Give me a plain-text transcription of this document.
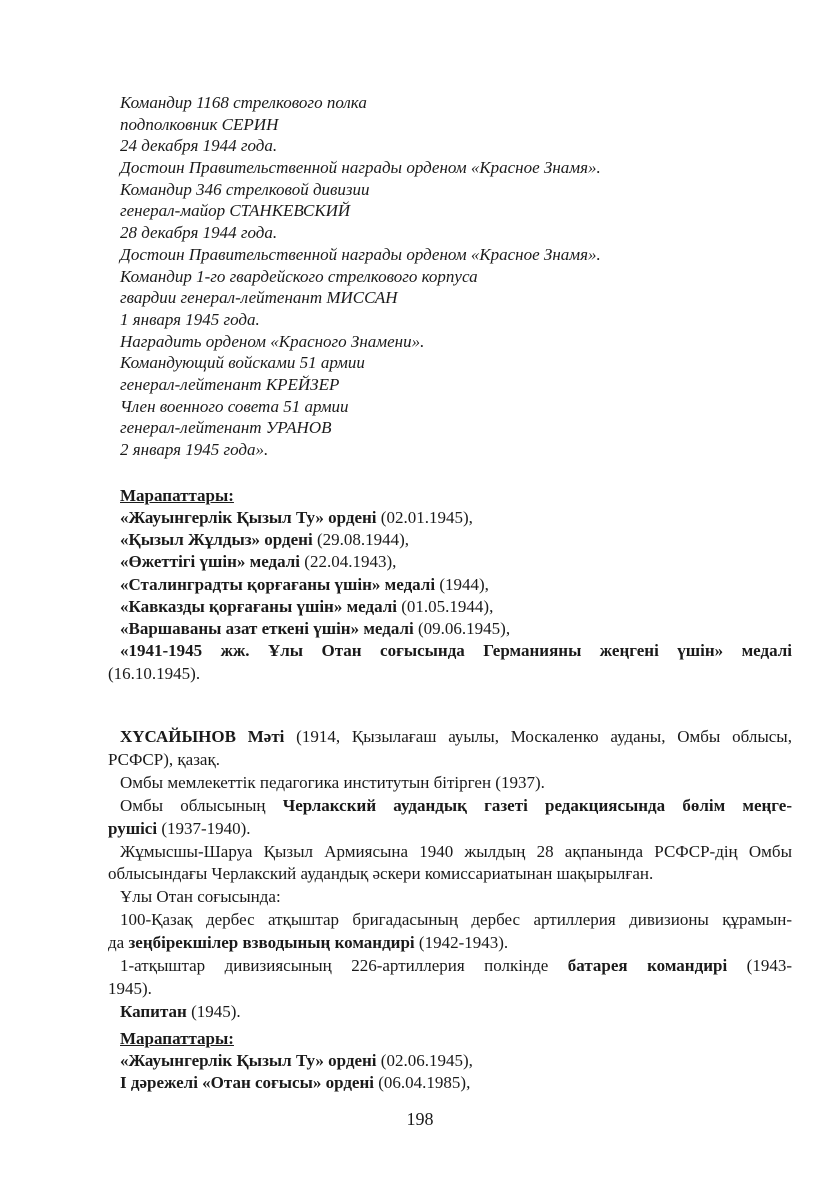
Командир 1168 стрелкового полка
подполковник СЕРИН
24 декабря 1944 года.
Достоин Правительственной награды орденом «Красное Знамя».
Командир 346 стрелковой дивизии
генерал-майор СТАНКЕВСКИЙ
28 декабря 1944 года.
Достоин Правительственной награды орденом «Красное Знамя».
Командир 1-го гвардейского стрелкового корпуса
гвардии генерал-лейтенант МИССАН
1 января 1945 года.
Наградить орденом «Красного Знамени».
Командующий войсками 51 армии
генерал-лейтенант КРЕЙЗЕР
Член военного совета 51 армии
генерал-лейтенант УРАНОВ
2 января 1945 года».
Марапаттары:
«Жауынгерлік Қызыл Ту» ордені (02.01.1945),
«Қызыл Жұлдыз» ордені (29.08.1944),
«Өжеттігі үшін» медалі (22.04.1943),
«Сталинградты қорғағаны үшін» медалі (1944),
«Кавказды қорғағаны үшін» медалі (01.05.1944),
«Варшаваны азат еткені үшін» медалі (09.06.1945),
«1941-1945 жж. Ұлы Отан соғысында Германияны жеңгені үшін» медалі
(16.10.1945).
ХҮСАЙЫНОВ Мәті (1914, Қызылағаш ауылы, Москаленко ауданы, Омбы облысы,
РСФСР), қазақ.
Омбы мемлекеттік педагогика институтын бітірген (1937).
Омбы облысының Черлакский аудандық газеті редакциясында бөлім меңге-
рушісі (1937-1940).
Жұмысшы-Шаруа Қызыл Армиясына 1940 жылдың 28 ақпанында РСФСР-дің Омбы
облысындағы Черлакский аудандық әскери комиссариатынан шақырылған.
Ұлы Отан соғысында:
100-Қазақ дербес атқыштар бригадасының дербес артиллерия дивизионы құрамын-
да зеңбірекшілер взводының командирі (1942-1943).
1-атқыштар дивизиясының 226-артиллерия полкінде батарея командирі (1943-
1945).
Капитан (1945).
Марапаттары:
«Жауынгерлік Қызыл Ту» ордені (02.06.1945),
І дәрежелі «Отан соғысы» ордені (06.04.1985),
198
